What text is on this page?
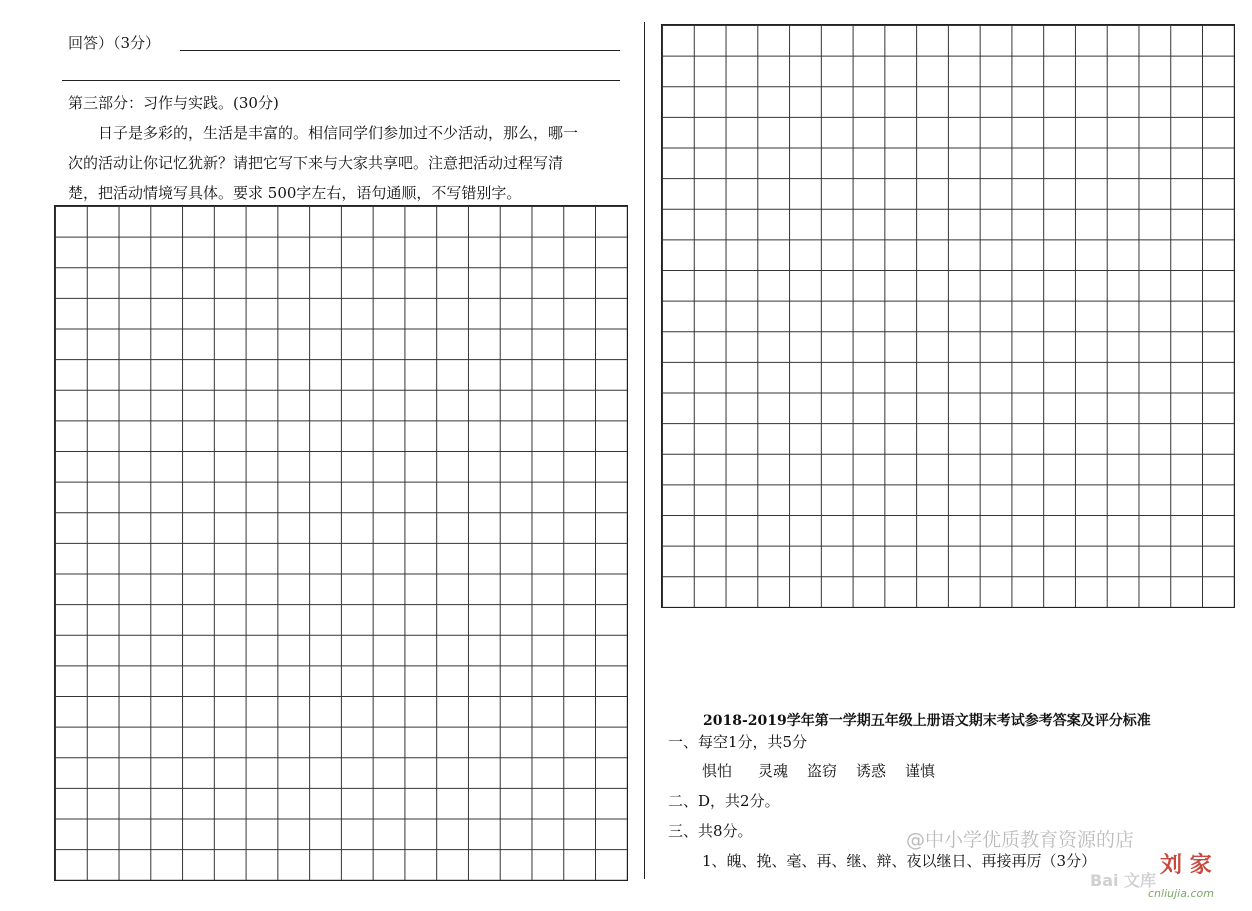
回答）（3分）
第三部分：习作与实践。(30分)
日子是多彩的，生活是丰富的。相信同学们参加过不少活动，那么，哪一
次的活动让你记忆犹新？请把它写下来与大家共享吧。注意把活动过程写清
楚，把活动情境写具体。要求 500字左右，语句通顺，不写错别字。
2018-2019学年第一学期五年级上册语文期末考试参考答案及评分标准
一、每空1分，共5分
惧怕 灵魂 盗窃 诱惑 谨慎
二、D，共2分。
三、共8分。
1、魄、挽、毫、再、继、辩、夜以继日、再接再厉（3分）
@中小学优质教育资源的店
Bai 文库
刘 家
cnliujia.com
